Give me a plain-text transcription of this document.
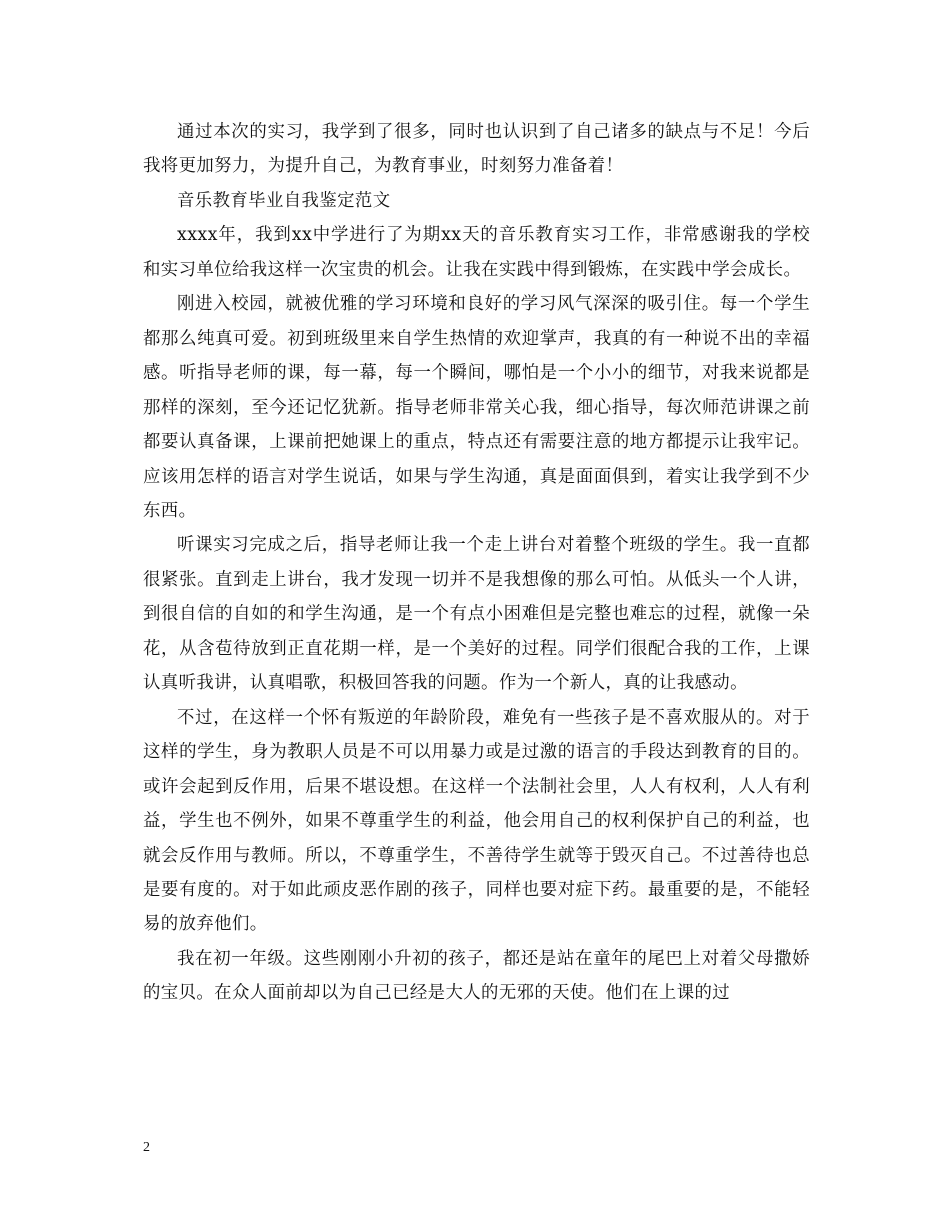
通过本次的实习，我学到了很多，同时也认识到了自己诸多的缺点与不足！今后我将更加努力，为提升自己，为教育事业，时刻努力准备着！

音乐教育毕业自我鉴定范文

xxxx年，我到xx中学进行了为期xx天的音乐教育实习工作，非常感谢我的学校和实习单位给我这样一次宝贵的机会。让我在实践中得到锻炼，在实践中学会成长。

刚进入校园，就被优雅的学习环境和良好的学习风气深深的吸引住。每一个学生都那么纯真可爱。初到班级里来自学生热情的欢迎掌声，我真的有一种说不出的幸福感。听指导老师的课，每一幕，每一个瞬间，哪怕是一个小小的细节，对我来说都是那样的深刻，至今还记忆犹新。指导老师非常关心我，细心指导，每次师范讲课之前都要认真备课，上课前把她课上的重点，特点还有需要注意的地方都提示让我牢记。应该用怎样的语言对学生说话，如果与学生沟通，真是面面俱到，着实让我学到不少东西。

听课实习完成之后，指导老师让我一个走上讲台对着整个班级的学生。我一直都很紧张。直到走上讲台，我才发现一切并不是我想像的那么可怕。从低头一个人讲，到很自信的自如的和学生沟通，是一个有点小困难但是完整也难忘的过程，就像一朵花，从含苞待放到正直花期一样，是一个美好的过程。同学们很配合我的工作，上课认真听我讲，认真唱歌，积极回答我的问题。作为一个新人，真的让我感动。

不过，在这样一个怀有叛逆的年龄阶段，难免有一些孩子是不喜欢服从的。对于这样的学生，身为教职人员是不可以用暴力或是过激的语言的手段达到教育的目的。或许会起到反作用，后果不堪设想。在这样一个法制社会里，人人有权利，人人有利益，学生也不例外，如果不尊重学生的利益，他会用自己的权利保护自己的利益，也就会反作用与教师。所以，不尊重学生，不善待学生就等于毁灭自己。不过善待也总是要有度的。对于如此顽皮恶作剧的孩子，同样也要对症下药。最重要的是，不能轻易的放弃他们。

我在初一年级。这些刚刚小升初的孩子，都还是站在童年的尾巴上对着父母撒娇的宝贝。在众人面前却以为自己已经是大人的无邪的天使。他们在上课的过

2
